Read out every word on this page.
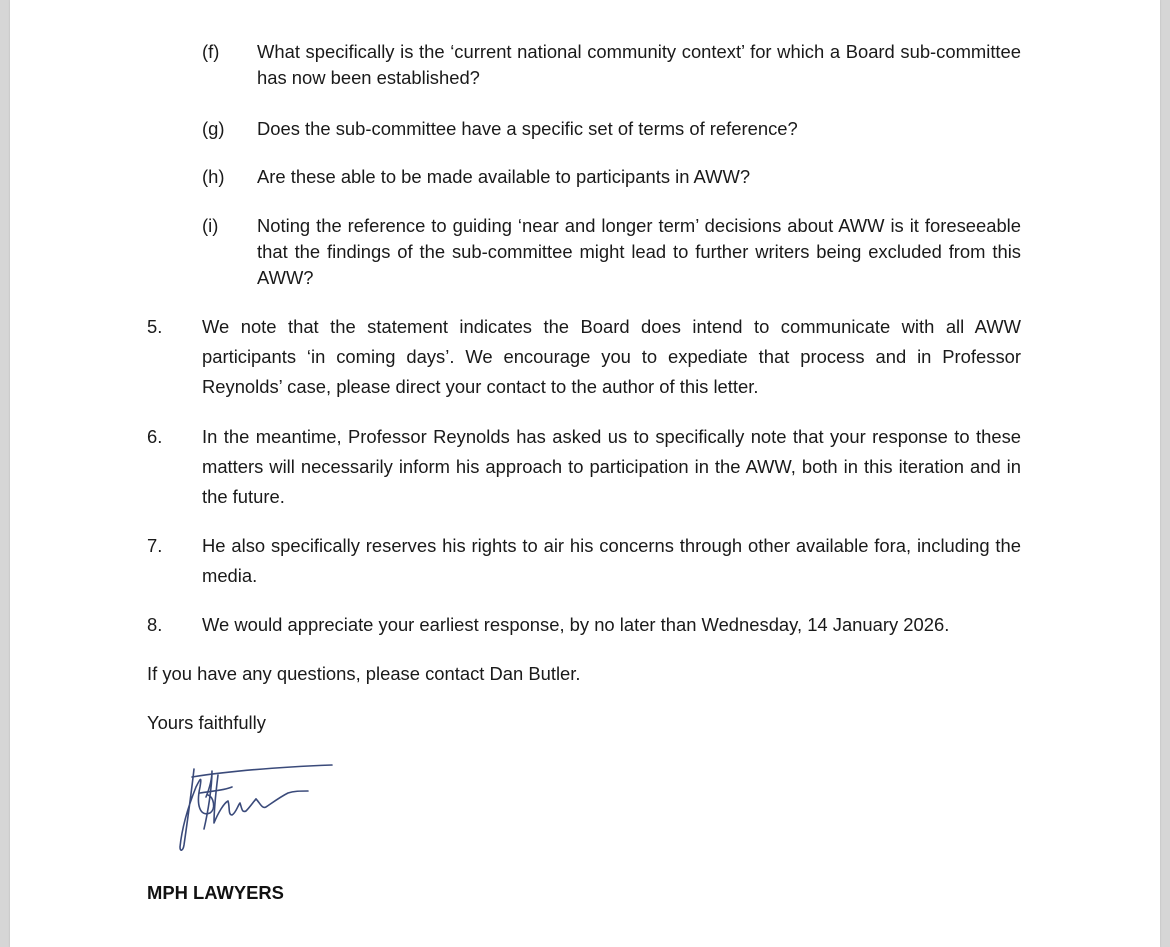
(f) What specifically is the ‘current national community context’ for which a Board sub-committee has now been established?
(g) Does the sub-committee have a specific set of terms of reference?
(h) Are these able to be made available to participants in AWW?
(i) Noting the reference to guiding ‘near and longer term’ decisions about AWW is it foreseeable that the findings of the sub-committee might lead to further writers being excluded from this AWW?
5. We note that the statement indicates the Board does intend to communicate with all AWW participants ‘in coming days’. We encourage you to expediate that process and in Professor Reynolds’ case, please direct your contact to the author of this letter.
6. In the meantime, Professor Reynolds has asked us to specifically note that your response to these matters will necessarily inform his approach to participation in the AWW, both in this iteration and in the future.
7. He also specifically reserves his rights to air his concerns through other available fora, including the media.
8. We would appreciate your earliest response, by no later than Wednesday, 14 January 2026.
If you have any questions, please contact Dan Butler.
Yours faithfully
MPH LAWYERS
